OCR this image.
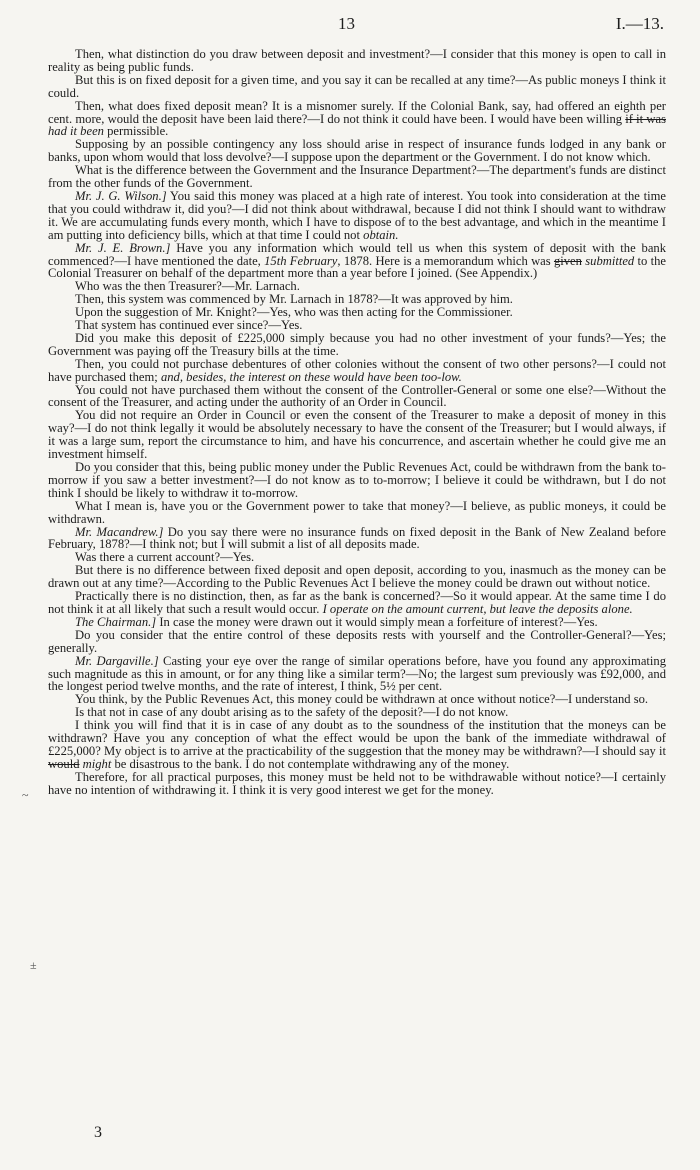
13	I.—13.

Then, what distinction do you draw between deposit and investment?—I consider that this money is open to call in reality as being public funds.

But this is on fixed deposit for a given time, and you say it can be recalled at any time?—As public moneys I think it could.

Then, what does fixed deposit mean? It is a misnomer surely. If the Colonial Bank, say, had offered an eighth per cent. more, would the deposit have been laid there?—I do not think it could have been. I would have been willing if it was had it been permissible.

Supposing by an possible contingency any loss should arise in respect of insurance funds lodged in any bank or banks, upon whom would that loss devolve?—I suppose upon the department or the Government. I do not know which.

What is the difference between the Government and the Insurance Department?—The department's funds are distinct from the other funds of the Government.

Mr. J. G. Wilson.] You said this money was placed at a high rate of interest. You took into consideration at the time that you could withdraw it, did you?—I did not think about withdrawal, because I did not think I should want to withdraw it. We are accumulating funds every month, which I have to dispose of to the best advantage, and which in the meantime I am putting into deficiency bills, which at that time I could not obtain.

Mr. J. E. Brown.] Have you any information which would tell us when this system of deposit with the bank commenced?—I have mentioned the date, 15th February, 1878. Here is a memorandum which was given submitted to the Colonial Treasurer on behalf of the department more than a year before I joined. (See Appendix.)

Who was the then Treasurer?—Mr. Larnach.

Then, this system was commenced by Mr. Larnach in 1878?—It was approved by him.

Upon the suggestion of Mr. Knight?—Yes, who was then acting for the Commissioner.

That system has continued ever since?—Yes.

Did you make this deposit of £225,000 simply because you had no other investment of your funds?—Yes; the Government was paying off the Treasury bills at the time.

Then, you could not purchase debentures of other colonies without the consent of two other persons?—I could not have purchased them; and, besides, the interest on these would have been too-low.

You could not have purchased them without the consent of the Controller-General or some one else?—Without the consent of the Treasurer, and acting under the authority of an Order in Council.

You did not require an Order in Council or even the consent of the Treasurer to make a deposit of money in this way?—I do not think legally it would be absolutely necessary to have the consent of the Treasurer; but I would always, if it was a large sum, report the circumstance to him, and have his concurrence, and ascertain whether he could give me an investment himself.

Do you consider that this, being public money under the Public Revenues Act, could be withdrawn from the bank to-morrow if you saw a better investment?—I do not know as to to-morrow; I believe it could be withdrawn, but I do not think I should be likely to withdraw it to-morrow.

What I mean is, have you or the Government power to take that money?—I believe, as public moneys, it could be withdrawn.

Mr. Macandrew.] Do you say there were no insurance funds on fixed deposit in the Bank of New Zealand before February, 1878?—I think not; but I will submit a list of all deposits made.

Was there a current account?—Yes.

But there is no difference between fixed deposit and open deposit, according to you, inasmuch as the money can be drawn out at any time?—According to the Public Revenues Act I believe the money could be drawn out without notice.

Practically there is no distinction, then, as far as the bank is concerned?—So it would appear. At the same time I do not think it at all likely that such a result would occur. I operate on the amount current, but leave the deposits alone.

The Chairman.] In case the money were drawn out it would simply mean a forfeiture of interest?—Yes.

Do you consider that the entire control of these deposits rests with yourself and the Controller-General?—Yes; generally.

Mr. Dargaville.] Casting your eye over the range of similar operations before, have you found any approximating such magnitude as this in amount, or for any thing like a similar term?—No; the largest sum previously was £92,000, and the longest period twelve months, and the rate of interest, I think, 5½ per cent.

You think, by the Public Revenues Act, this money could be withdrawn at once without notice?—I understand so.

Is that not in case of any doubt arising as to the safety of the deposit?—I do not know.

I think you will find that it is in case of any doubt as to the soundness of the institution that the moneys can be withdrawn? Have you any conception of what the effect would be upon the bank of the immediate withdrawal of £225,000? My object is to arrive at the practicability of the suggestion that the money may be withdrawn?—I should say it would might be disastrous to the bank. I do not contemplate withdrawing any of the money.

Therefore, for all practical purposes, this money must be held not to be withdrawable without notice?—I certainly have no intention of withdrawing it. I think it is very good interest we get for the money.

~
±
3
